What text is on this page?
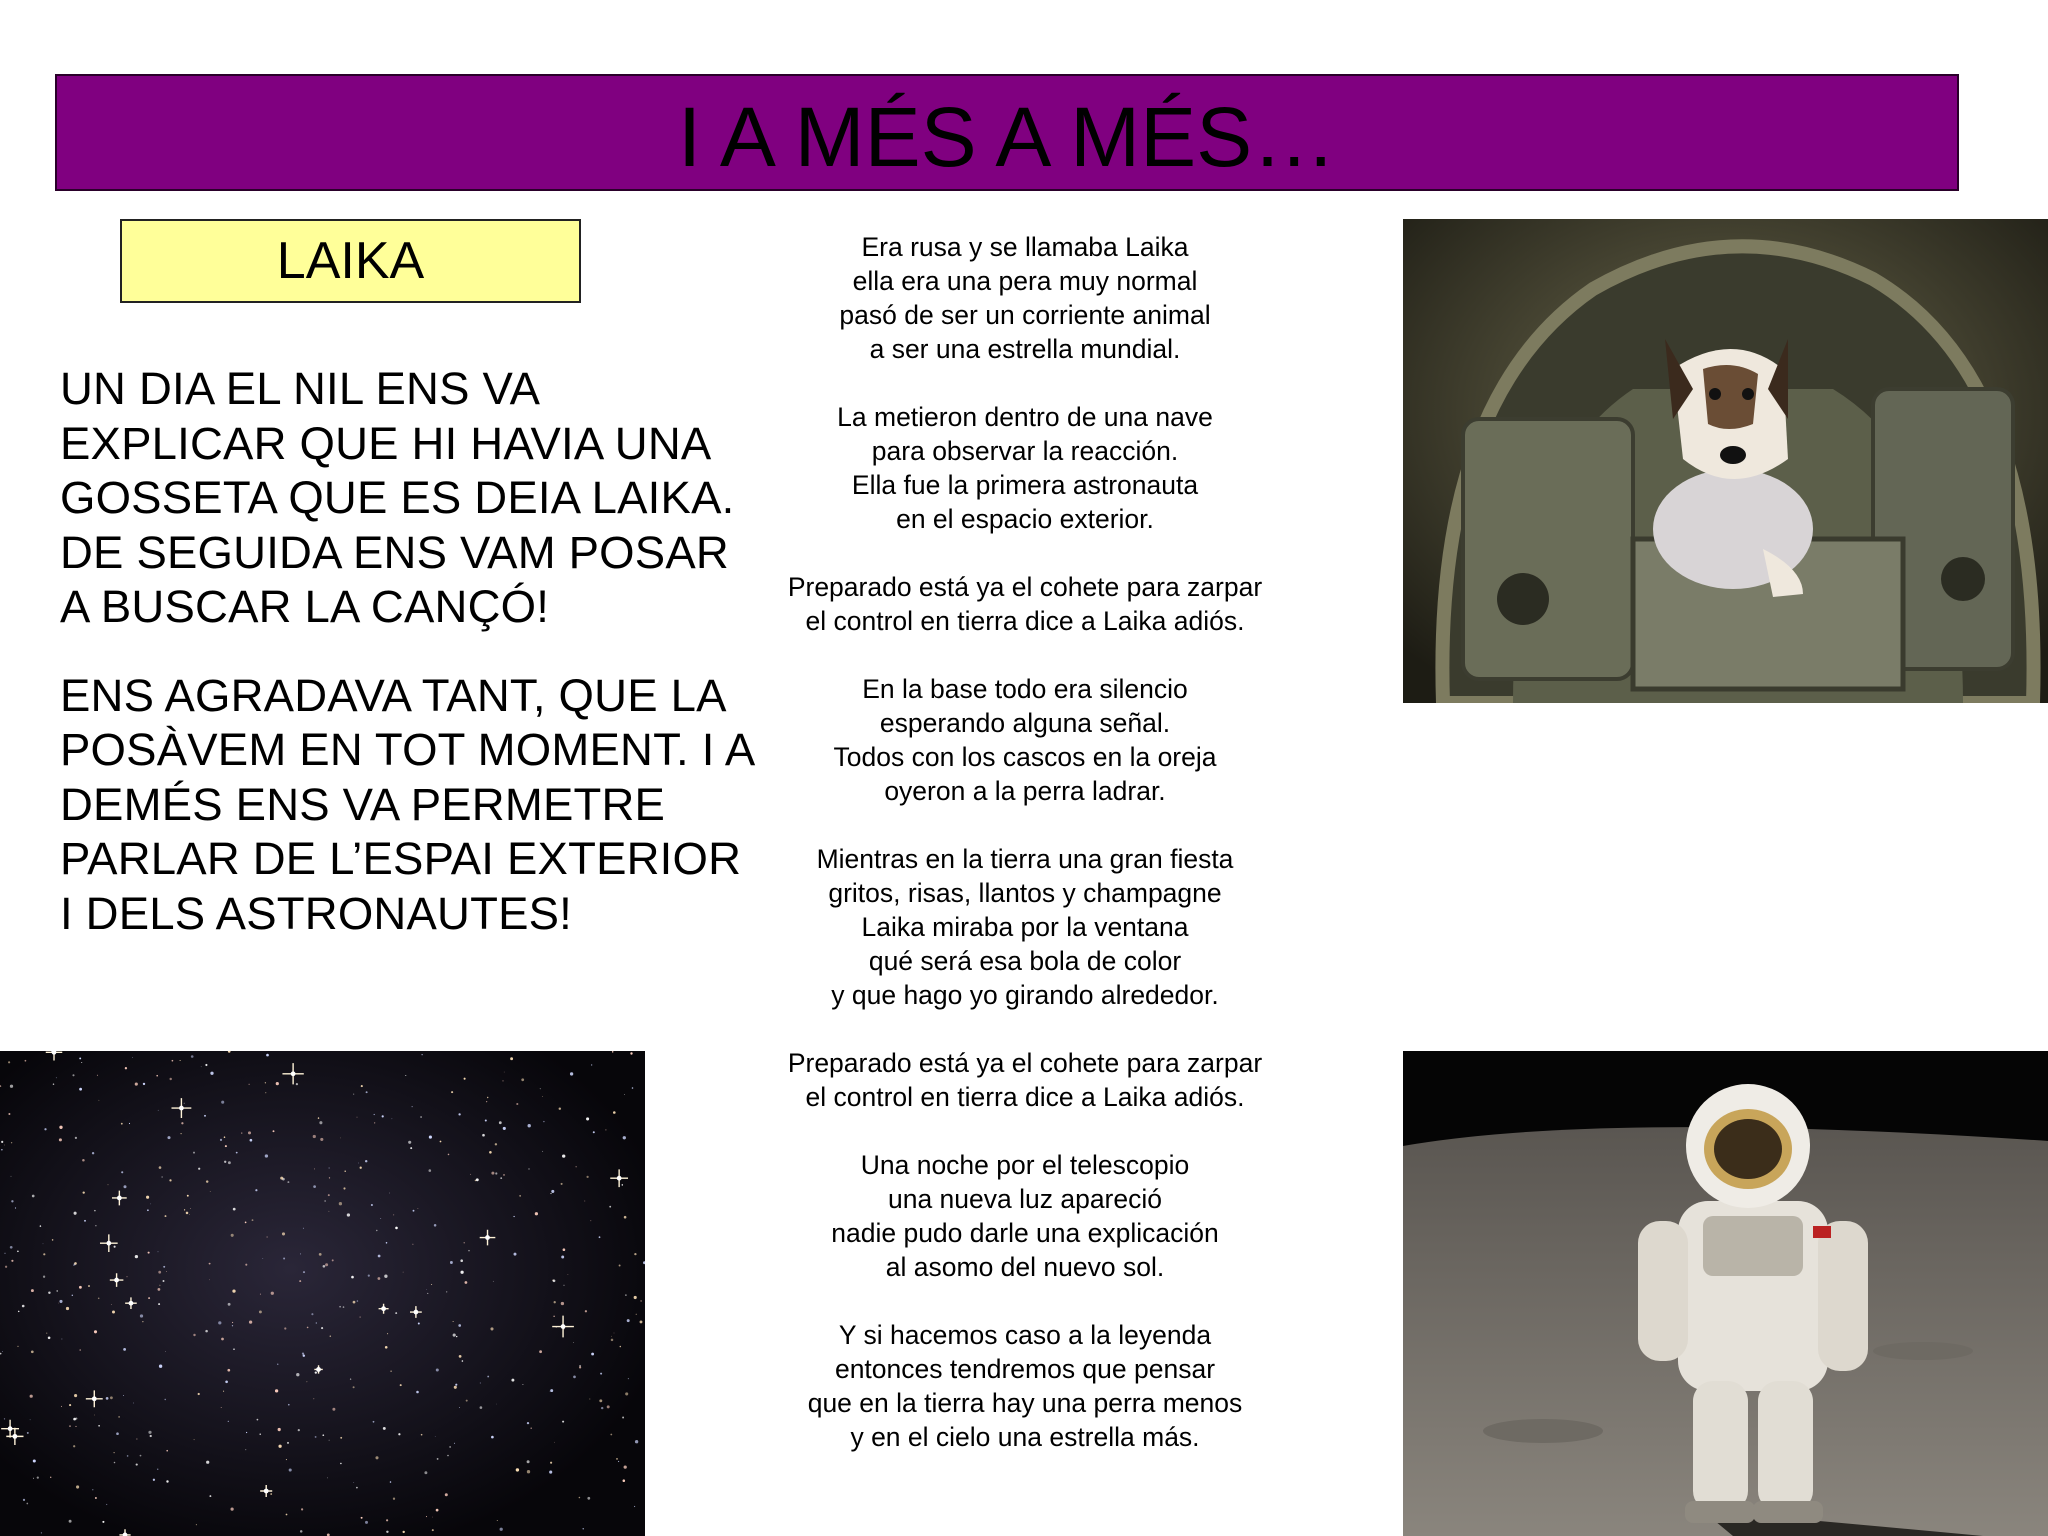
I A MÉS A MÉS…
LAIKA

UN DIA EL NIL ENS VA EXPLICAR QUE HI HAVIA UNA GOSSETA QUE ES DEIA LAIKA. DE SEGUIDA ENS VAM POSAR A BUSCAR LA CANÇÓ!

ENS AGRADAVA TANT, QUE LA POSÀVEM EN TOT MOMENT. I A DEMÉS ENS VA PERMETRE PARLAR DE L’ESPAI EXTERIOR I DELS ASTRONAUTES!

Era rusa y se llamaba Laika
ella era una pera muy normal
pasó de ser un corriente animal
a ser una estrella mundial.
La metieron dentro de una nave
para observar la reacción.
Ella fue la primera astronauta
en el espacio exterior.
Preparado está ya el cohete para zarpar
el control en tierra dice a Laika adiós.
En la base todo era silencio
esperando alguna señal.
Todos con los cascos en la oreja
oyeron a la perra ladrar.
Mientras en la tierra una gran fiesta
gritos, risas, llantos y champagne
Laika miraba por la ventana
qué será esa bola de color
y que hago yo girando alrededor.
Preparado está ya el cohete para zarpar
el control en tierra dice a Laika adiós.
Una noche por el telescopio
una nueva luz apareció
nadie pudo darle una explicación
al asomo del nuevo sol.
Y si hacemos caso a la leyenda
entonces tendremos que pensar
que en la tierra hay una perra menos
y en el cielo una estrella más.
